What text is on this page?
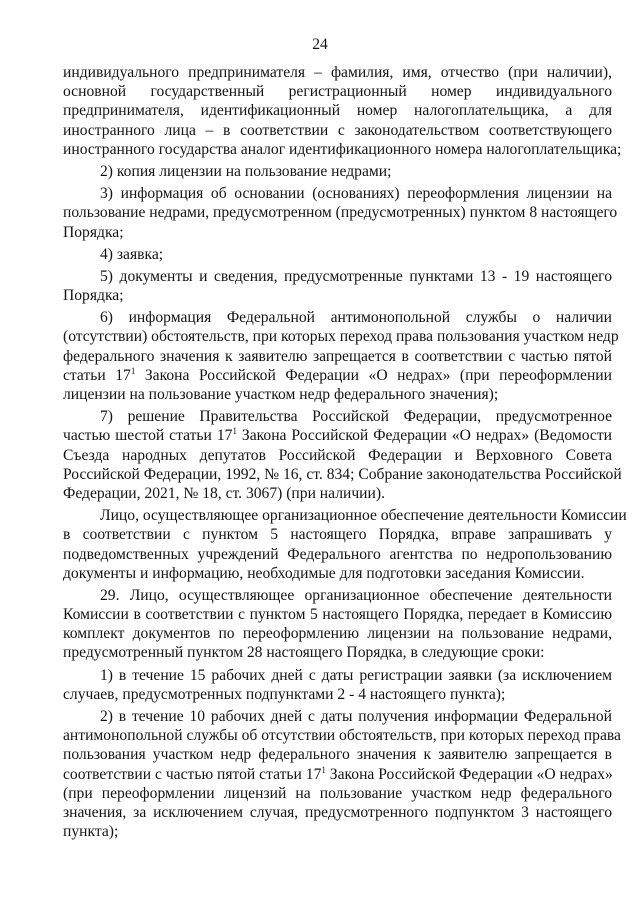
24
индивидуального предпринимателя – фамилия, имя, отчество (при наличии),
основной государственный регистрационный номер индивидуального
предпринимателя, идентификационный номер налогоплательщика, а для
иностранного лица – в соответствии с законодательством соответствующего
иностранного государства аналог идентификационного номера налогоплательщика;
2) копия лицензии на пользование недрами;
3) информация об основании (основаниях) переоформления лицензии на
пользование недрами, предусмотренном (предусмотренных) пунктом 8 настоящего
Порядка;
4) заявка;
5) документы и сведения, предусмотренные пунктами 13 - 19 настоящего
Порядка;
6) информация Федеральной антимонопольной службы о наличии
(отсутствии) обстоятельств, при которых переход права пользования участком недр
федерального значения к заявителю запрещается в соответствии с частью пятой
статьи $17^1$ Закона Российской Федерации «О недрах» (при переоформлении
лицензии на пользование участком недр федерального значения);
7) решение Правительства Российской Федерации, предусмотренное
частью шестой статьи $17^1$ Закона Российской Федерации «О недрах» (Ведомости
Съезда народных депутатов Российской Федерации и Верховного Совета
Российской Федерации, 1992, № 16, ст. 834; Собрание законодательства Российской
Федерации, 2021, № 18, ст. 3067) (при наличии).
Лицо, осуществляющее организационное обеспечение деятельности Комиссии
в соответствии с пунктом 5 настоящего Порядка, вправе запрашивать у
подведомственных учреждений Федерального агентства по недропользованию
документы и информацию, необходимые для подготовки заседания Комиссии.
29. Лицо, осуществляющее организационное обеспечение деятельности
Комиссии в соответствии с пунктом 5 настоящего Порядка, передает в Комиссию
комплект документов по переоформлению лицензии на пользование недрами,
предусмотренный пунктом 28 настоящего Порядка, в следующие сроки:
1) в течение 15 рабочих дней с даты регистрации заявки (за исключением
случаев, предусмотренных подпунктами 2 - 4 настоящего пункта);
2) в течение 10 рабочих дней с даты получения информации Федеральной
антимонопольной службы об отсутствии обстоятельств, при которых переход права
пользования участком недр федерального значения к заявителю запрещается в
соответствии с частью пятой статьи $17^1$ Закона Российской Федерации «О недрах»
(при переоформлении лицензий на пользование участком недр федерального
значения, за исключением случая, предусмотренного подпунктом 3 настоящего
пункта);
